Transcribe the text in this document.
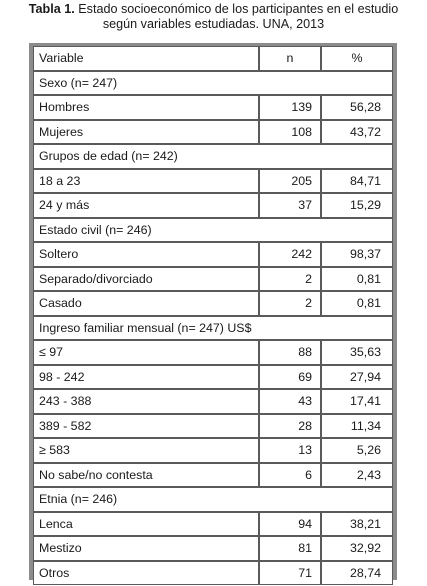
Tabla 1. Estado socioeconómico de los participantes en el estudio
según variables estudiadas. UNA, 2013
Variable	n	%
Sexo (n= 247)		
Hombres	139	56,28
Mujeres	108	43,72
Grupos de edad (n= 242)		
18 a 23	205	84,71
24 y más	37	15,29
Estado civil (n= 246)		
Soltero	242	98,37
Separado/divorciado	2	0,81
Casado	2	0,81
Ingreso familiar mensual (n= 247) US$		
≤ 97	88	35,63
98 - 242	69	27,94
243 - 388	43	17,41
389 - 582	28	11,34
≥ 583	13	5,26
No sabe/no contesta	6	2,43
Etnia (n= 246)		
Lenca	94	38,21
Mestizo	81	32,92
Otros	71	28,74
